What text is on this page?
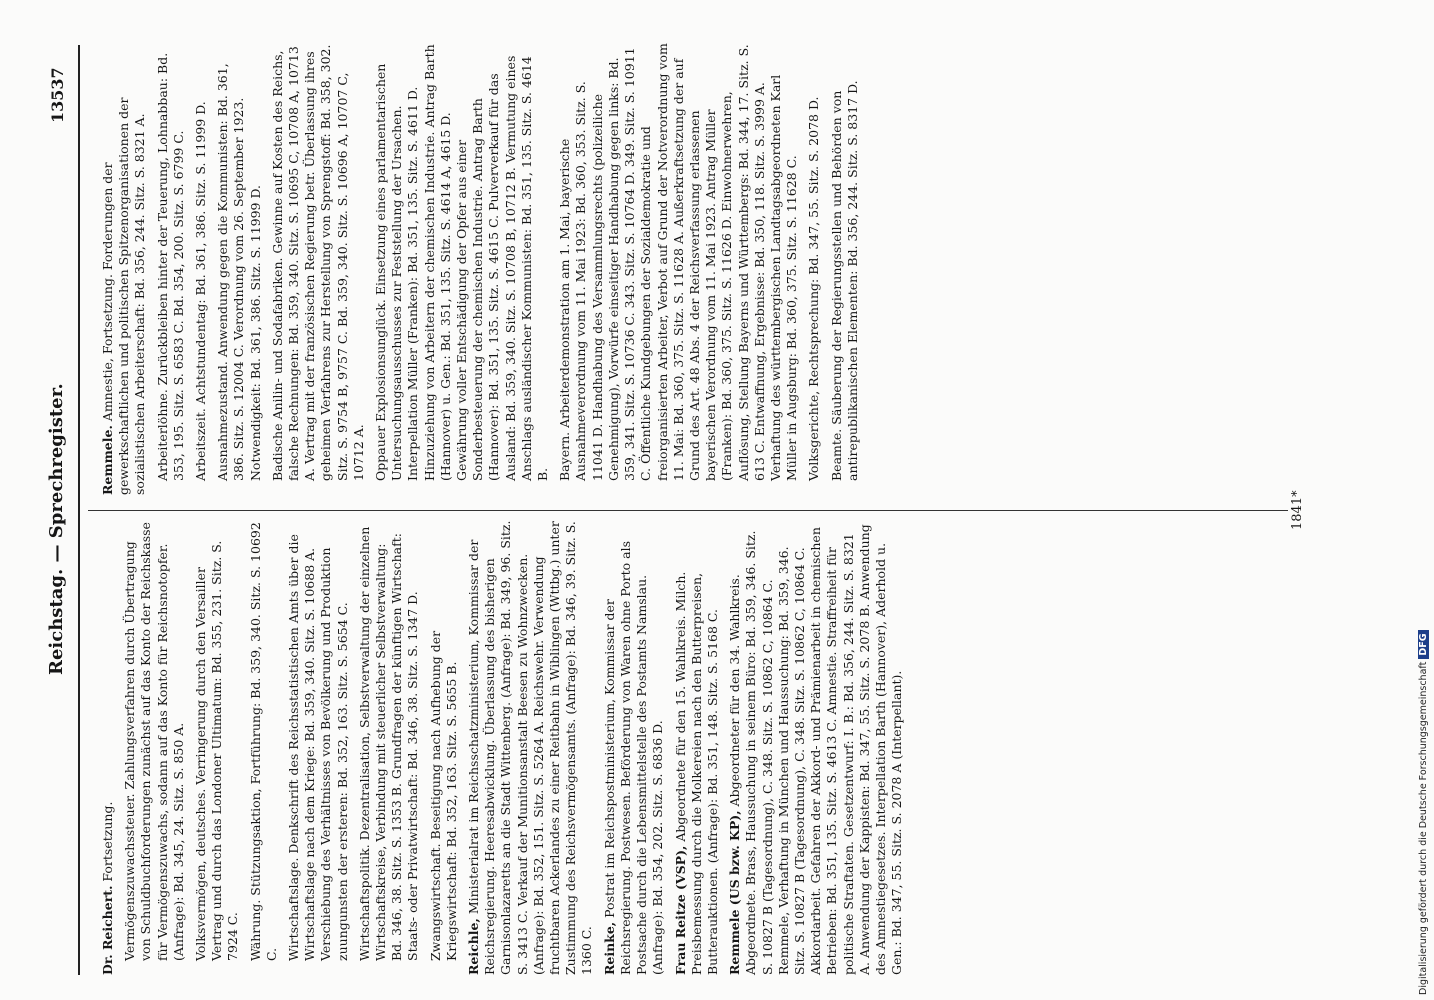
Reichstag. — Sprechregister.
13537
Dr. Reichert. Fortsetzung. Vermögenszuwachssteuer. Zahlungsverfahren durch Übertragung von Schuldbuchforderungen zunächst auf das Konto der Reichskasse für Vermögenszuwachs, sodann auf das Konto für Reichsnotopfer. (Anfrage): Bd. 345, 24. Sitz. S. 850 A. Volksvermögen, deutsches. Verringerung durch den Versailler Vertrag und durch das Londoner Ultimatum: Bd. 355, 231. Sitz. S. 7924 C. Währung. Stützungsaktion, Fortführung: Bd. 359, 340. Sitz. S. 10692 C. Wirtschaftslage. Denkschrift des Reichsstatistischen Amts über die Wirtschaftslage nach dem Kriege: Bd. 359, 340. Sitz. S. 10688 A. Verschiebung des Verhältnisses von Bevölkerung und Produktion zuungunsten der ersteren: Bd. 352, 163. Sitz. S. 5654 C. Wirtschaftspolitik. Dezentralisation, Selbstverwaltung der einzelnen Wirtschaftskreise, Verbindung mit steuerlicher Selbstverwaltung: Bd. 346, 38. Sitz. S. 1353 B. Grundfragen der künftigen Wirtschaft: Staats- oder Privatwirtschaft: Bd. 346, 38. Sitz. S. 1347 D. Zwangswirtschaft. Beseitigung nach Aufhebung der Kriegswirtschaft: Bd. 352, 163. Sitz. S. 5655 B. Reichle, Ministerialrat im Reichsschatzministerium, Kommissar der Reichsregierung. Heeresabwicklung. Überlassung des bisherigen Garnisonlazaretts an die Stadt Wittenberg. (Anfrage): Bd. 349, 96. Sitz. S. 3413 C. Verkauf der Munitionsanstalt Beesen zu Wohnzwecken. (Anfrage): Bd. 352, 151. Sitz. S. 5264 A. Reichswehr. Verwendung fruchtbaren Ackerlandes zu einer Reitbahn in Wiblingen (Wttbg.) unter Zustimmung des Reichsvermögensamts. (Anfrage): Bd. 346, 39. Sitz. S. 1360 C. Reinke, Postrat im Reichspostministerium, Kommissar der Reichsregierung. Postwesen. Beförderung von Waren ohne Porto als Postsache durch die Lebensmittelstelle des Postamts Namslau. (Anfrage): Bd. 354, 202. Sitz. S. 6836 D. Frau Reitze (VSP), Abgeordnete für den 15. Wahlkreis. Milch. Preisbemessung durch die Molkereien nach den Butterpreisen, Butterauktionen. (Anfrage): Bd. 351, 148. Sitz. S. 5168 C. Remmele (US bzw. KP), Abgeordneter für den 34. Wahlkreis. Abgeordnete. Brass, Haussuchung in seinem Büro: Bd. 359, 346. Sitz. S. 10827 B (Tagesordnung), C. 348. Sitz. S. 10862 C, 10864 C. Remmele, Verhaftung in München und Haussuchung: Bd. 359, 346. Sitz. S. 10827 B (Tagesordnung), C. 348. Sitz. S. 10862 C, 10864 C. Akkordarbeit. Gefahren der Akkord- und Prämienarbeit in chemischen Betrieben: Bd. 351, 135. Sitz. S. 4613 C. Amnestie. Straffreiheit für politische Straftaten. Gesetzentwurf: I. B.: Bd. 356, 244. Sitz. S. 8321 A. Anwendung der Kappisten: Bd. 347, 55. Sitz. S. 2078 B. Anwendung des Amnestiegesetzes. Interpellation Barth (Hannover), Aderhold u. Gen.: Bd. 347, 55. Sitz. S. 2078 A (Interpellant).
Remmele. Amnestie, Fortsetzung. Forderungen der gewerkschaftlichen und politischen Spitzenorganisationen der sozialistischen Arbeiterschaft: Bd. 356, 244. Sitz. S. 8321 A. Arbeiterlöhne. Zurückbleiben hinter der Teuerung, Lohnabbau: Bd. 353, 195. Sitz. S. 6583 C. Bd. 354, 200. Sitz. S. 6799 C. Arbeitszeit. Achtstundentag: Bd. 361, 386. Sitz. S. 11999 D. Ausnahmezustand. Anwendung gegen die Kommunisten: Bd. 361, 386. Sitz. S. 12004 C. Verordnung vom 26. September 1923. Notwendigkeit: Bd. 361, 386. Sitz. S. 11999 D. Badische Anilin- und Sodafabriken. Gewinne auf Kosten des Reichs, falsche Rechnungen: Bd. 359, 340. Sitz. S. 10695 C, 10708 A, 10713 A. Vertrag mit der französischen Regierung betr. Überlassung ihres geheimen Verfahrens zur Herstellung von Sprengstoff: Bd. 358, 302. Sitz. S. 9754 B, 9757 C. Bd. 359, 340. Sitz. S. 10696 A, 10707 C, 10712 A. Oppauer Explosionsunglück. Einsetzung eines parlamentarischen Untersuchungsausschusses zur Feststellung der Ursachen. Interpellation Müller (Franken): Bd. 351, 135. Sitz. S. 4611 D. Hinzuziehung von Arbeitern der chemischen Industrie. Antrag Barth (Hannover) u. Gen.: Bd. 351, 135. Sitz. S. 4614 A, 4615 D. Gewährung voller Entschädigung der Opfer aus einer Sonderbesteuerung der chemischen Industrie. Antrag Barth (Hannover): Bd. 351, 135. Sitz. S. 4615 C. Pulververkauf für das Ausland: Bd. 359, 340. Sitz. S. 10708 B, 10712 B. Vermutung eines Anschlags ausländischer Kommunisten: Bd. 351, 135. Sitz. S. 4614 B. Bayern. Arbeiterdemonstration am 1. Mai, bayerische Ausnahmeverordnung vom 11. Mai 1923: Bd. 360, 353. Sitz. S. 11041 D. Handhabung des Versammlungsrechts (polizeiliche Genehmigung), Vorwürfe einseitiger Handhabung gegen links: Bd. 359, 341. Sitz. S. 10736 C. 343. Sitz. S. 10764 D. 349. Sitz. S. 10911 C. Öffentliche Kundgebungen der Sozialdemokratie und freiorganisierten Arbeiter, Verbot auf Grund der Notverordnung vom 11. Mai: Bd. 360, 375. Sitz. S. 11628 A. Außerkraftsetzung der auf Grund des Art. 48 Abs. 4 der Reichsverfassung erlassenen bayerischen Verordnung vom 11. Mai 1923. Antrag Müller (Franken): Bd. 360, 375. Sitz. S. 11626 D. Einwohnerwehren, Auflösung, Stellung Bayerns und Württembergs: Bd. 344, 17. Sitz. S. 613 C. Entwaffnung, Ergebnisse: Bd. 350, 118. Sitz. S. 3999 A. Verhaftung des württembergischen Landtagsabgeordneten Karl Müller in Augsburg: Bd. 360, 375. Sitz. S. 11628 C. Volksgerichte, Rechtsprechung: Bd. 347, 55. Sitz. S. 2078 D. Beamte. Säuberung der Regierungsstellen und Behörden von antirepublikanischen Elementen: Bd. 356, 244. Sitz. S. 8317 D.
1841*
Digitalisierung gefördert durch die Deutsche Forschungsgemeinschaft DFG
